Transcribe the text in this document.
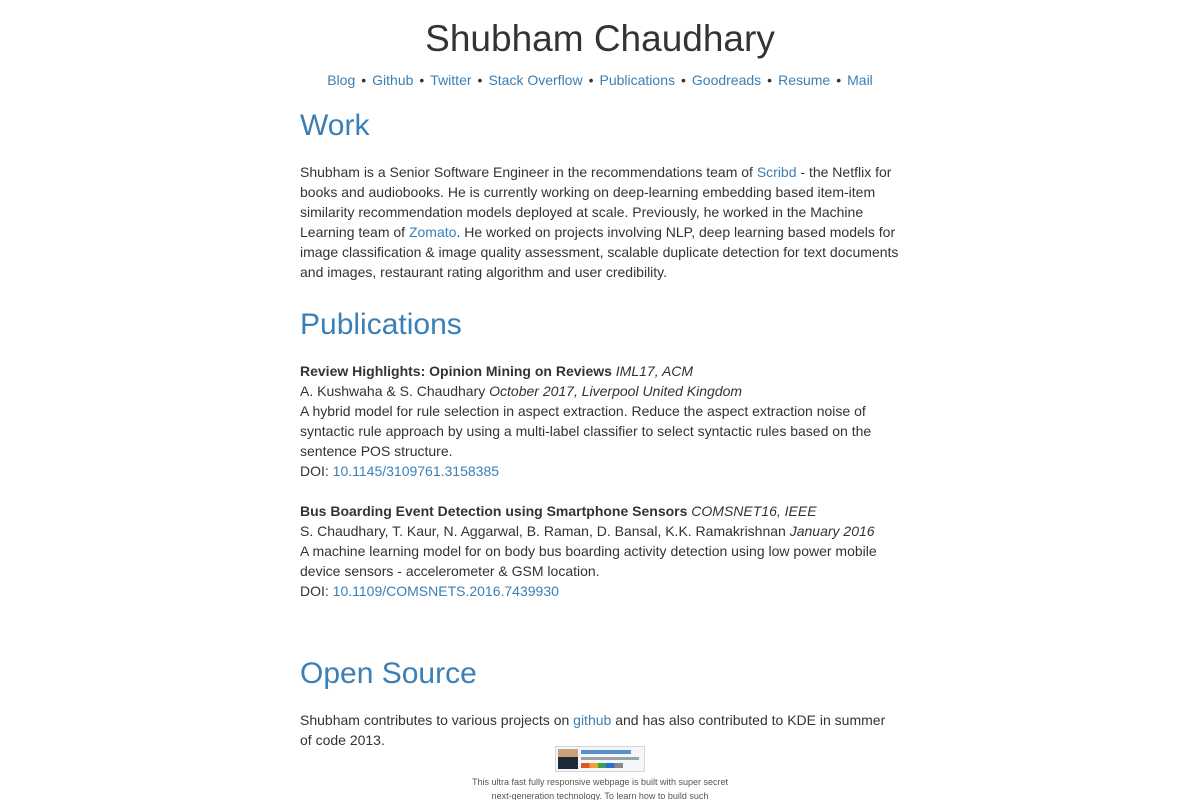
Shubham Chaudhary
Blog • Github • Twitter • Stack Overflow • Publications • Goodreads • Resume • Mail
Work

Shubham is a Senior Software Engineer in the recommendations team of Scribd - the Netflix for books and audiobooks. He is currently working on deep-learning embedding based item-item similarity recommendation models deployed at scale. Previously, he worked in the Machine Learning team of Zomato. He worked on projects involving NLP, deep learning based models for image classification & image quality assessment, scalable duplicate detection for text documents and images, restaurant rating algorithm and user credibility.

Publications
Review Highlights: Opinion Mining on Reviews IML17, ACM
A. Kushwaha & S. Chaudhary October 2017, Liverpool United Kingdom
A hybrid model for rule selection in aspect extraction. Reduce the aspect extraction noise of syntactic rule approach by using a multi-label classifier to select syntactic rules based on the sentence POS structure.
DOI: 10.1145/3109761.3158385
Bus Boarding Event Detection using Smartphone Sensors COMSNET16, IEEE
S. Chaudhary, T. Kaur, N. Aggarwal, B. Raman, D. Bansal, K.K. Ramakrishnan January 2016
A machine learning model for on body bus boarding activity detection using low power mobile device sensors - accelerometer & GSM location.
DOI: 10.1109/COMSNETS.2016.7439930
Open Source

Shubham contributes to various projects on github and has also contributed to KDE in summer of code 2013.

This ultra fast fully responsive webpage is built with super secret next-generation technology. To learn how to build such
